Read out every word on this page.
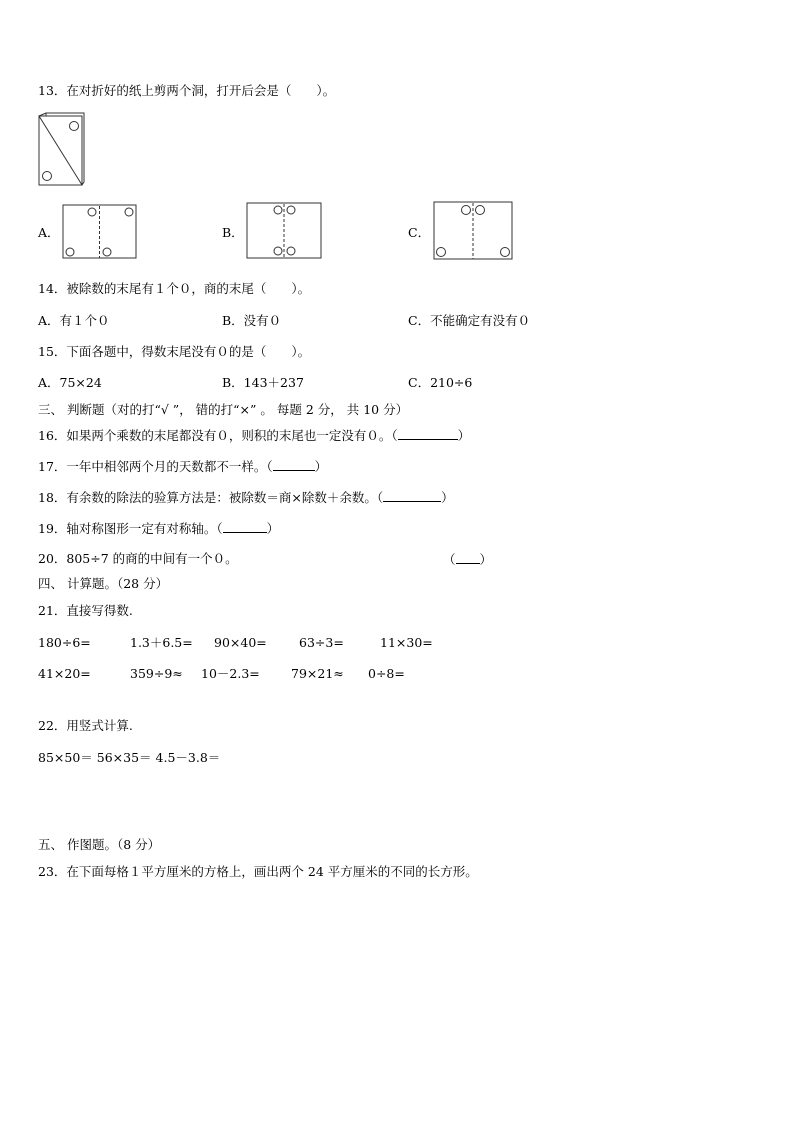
13．在对折好的纸上剪两个洞，打开后会是（　　）。
A．	B．	C．
14．被除数的末尾有１个０，商的末尾（　　）。
A．有１个０	B．没有０	C．不能确定有没有０
15．下面各题中，得数末尾没有０的是（　　）。
A．75×24	B．143＋237	C．210÷6
三、 判断题（对的打“√ ”， 错的打“×” 。 每题 2 分， 共 10 分）
16．如果两个乘数的末尾都没有０，则积的末尾也一定没有０。（	）
17．一年中相邻两个月的天数都不一样。（	）
18．有余数的除法的验算方法是：被除数＝商×除数＋余数。（	）
19．轴对称图形一定有对称轴。（	）
20．805÷7 的商的中间有一个０。	（ ）
四、 计算题。（28 分）
21．直接写得数.
180÷6=	1.3＋6.5= 90×40=	63÷3=	11×30=
41×20=	359÷9≈ 10－2.3= 79×21≈ 0÷8=
22．用竖式计算.
85×50＝ 56×35＝ 4.5－3.8＝
五、 作图题。（8 分）
23．在下面每格１平方厘米的方格上，画出两个 24 平方厘米的不同的长方形。
